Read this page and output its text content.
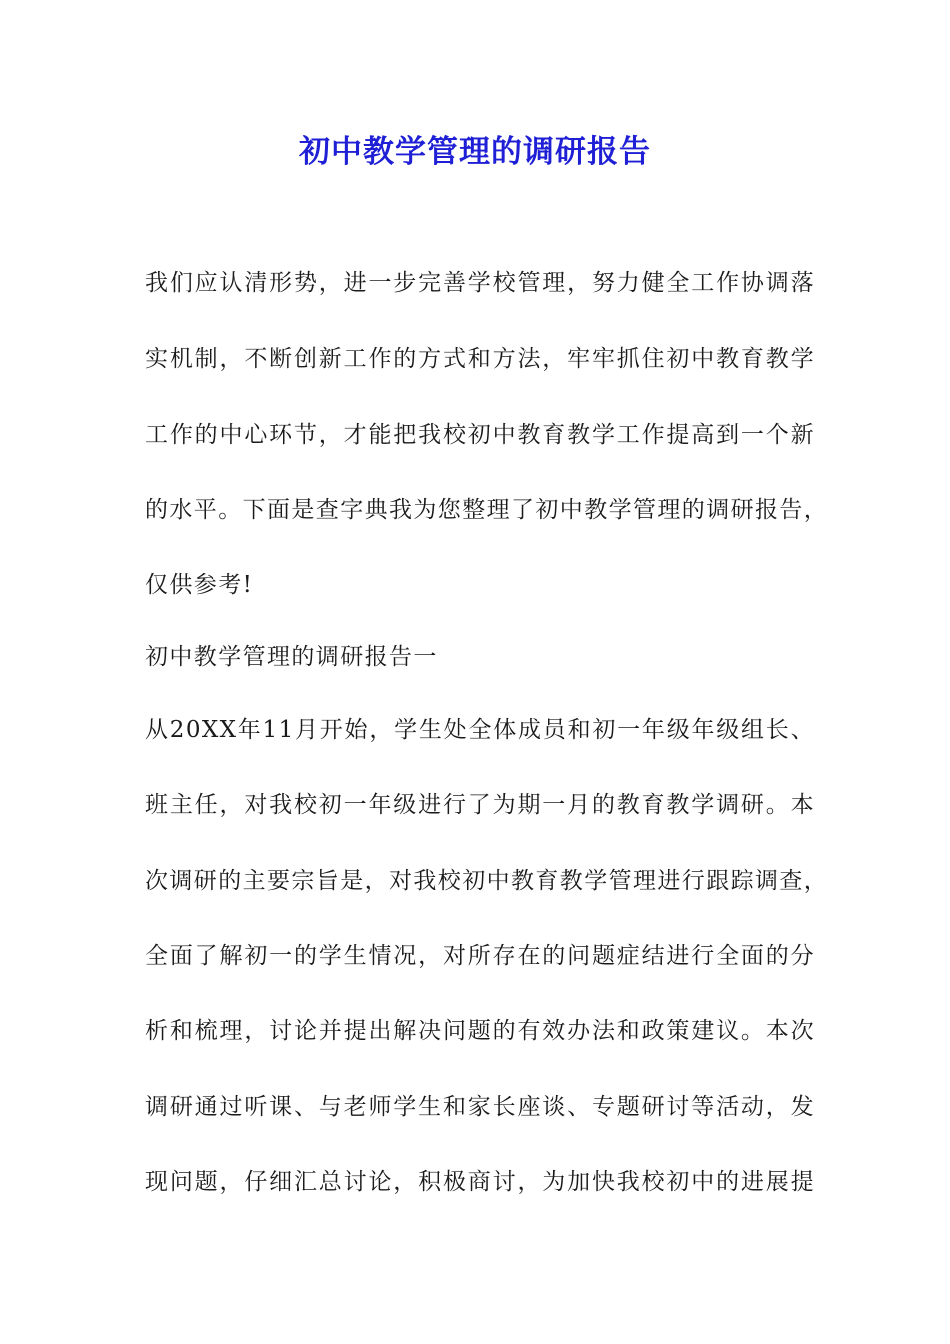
初中教学管理的调研报告

我们应认清形势，进一步完善学校管理，努力健全工作协调落

实机制，不断创新工作的方式和方法，牢牢抓住初中教育教学

工作的中心环节，才能把我校初中教育教学工作提高到一个新

的水平。下面是查字典我为您整理了初中教学管理的调研报告，

仅供参考!

初中教学管理的调研报告一

从20XX年11月开始，学生处全体成员和初一年级年级组长、

班主任，对我校初一年级进行了为期一月的教育教学调研。本

次调研的主要宗旨是，对我校初中教育教学管理进行跟踪调查，

全面了解初一的学生情况，对所存在的问题症结进行全面的分

析和梳理，讨论并提出解决问题的有效办法和政策建议。本次

调研通过听课、与老师学生和家长座谈、专题研讨等活动，发

现问题，仔细汇总讨论，积极商讨，为加快我校初中的进展提
